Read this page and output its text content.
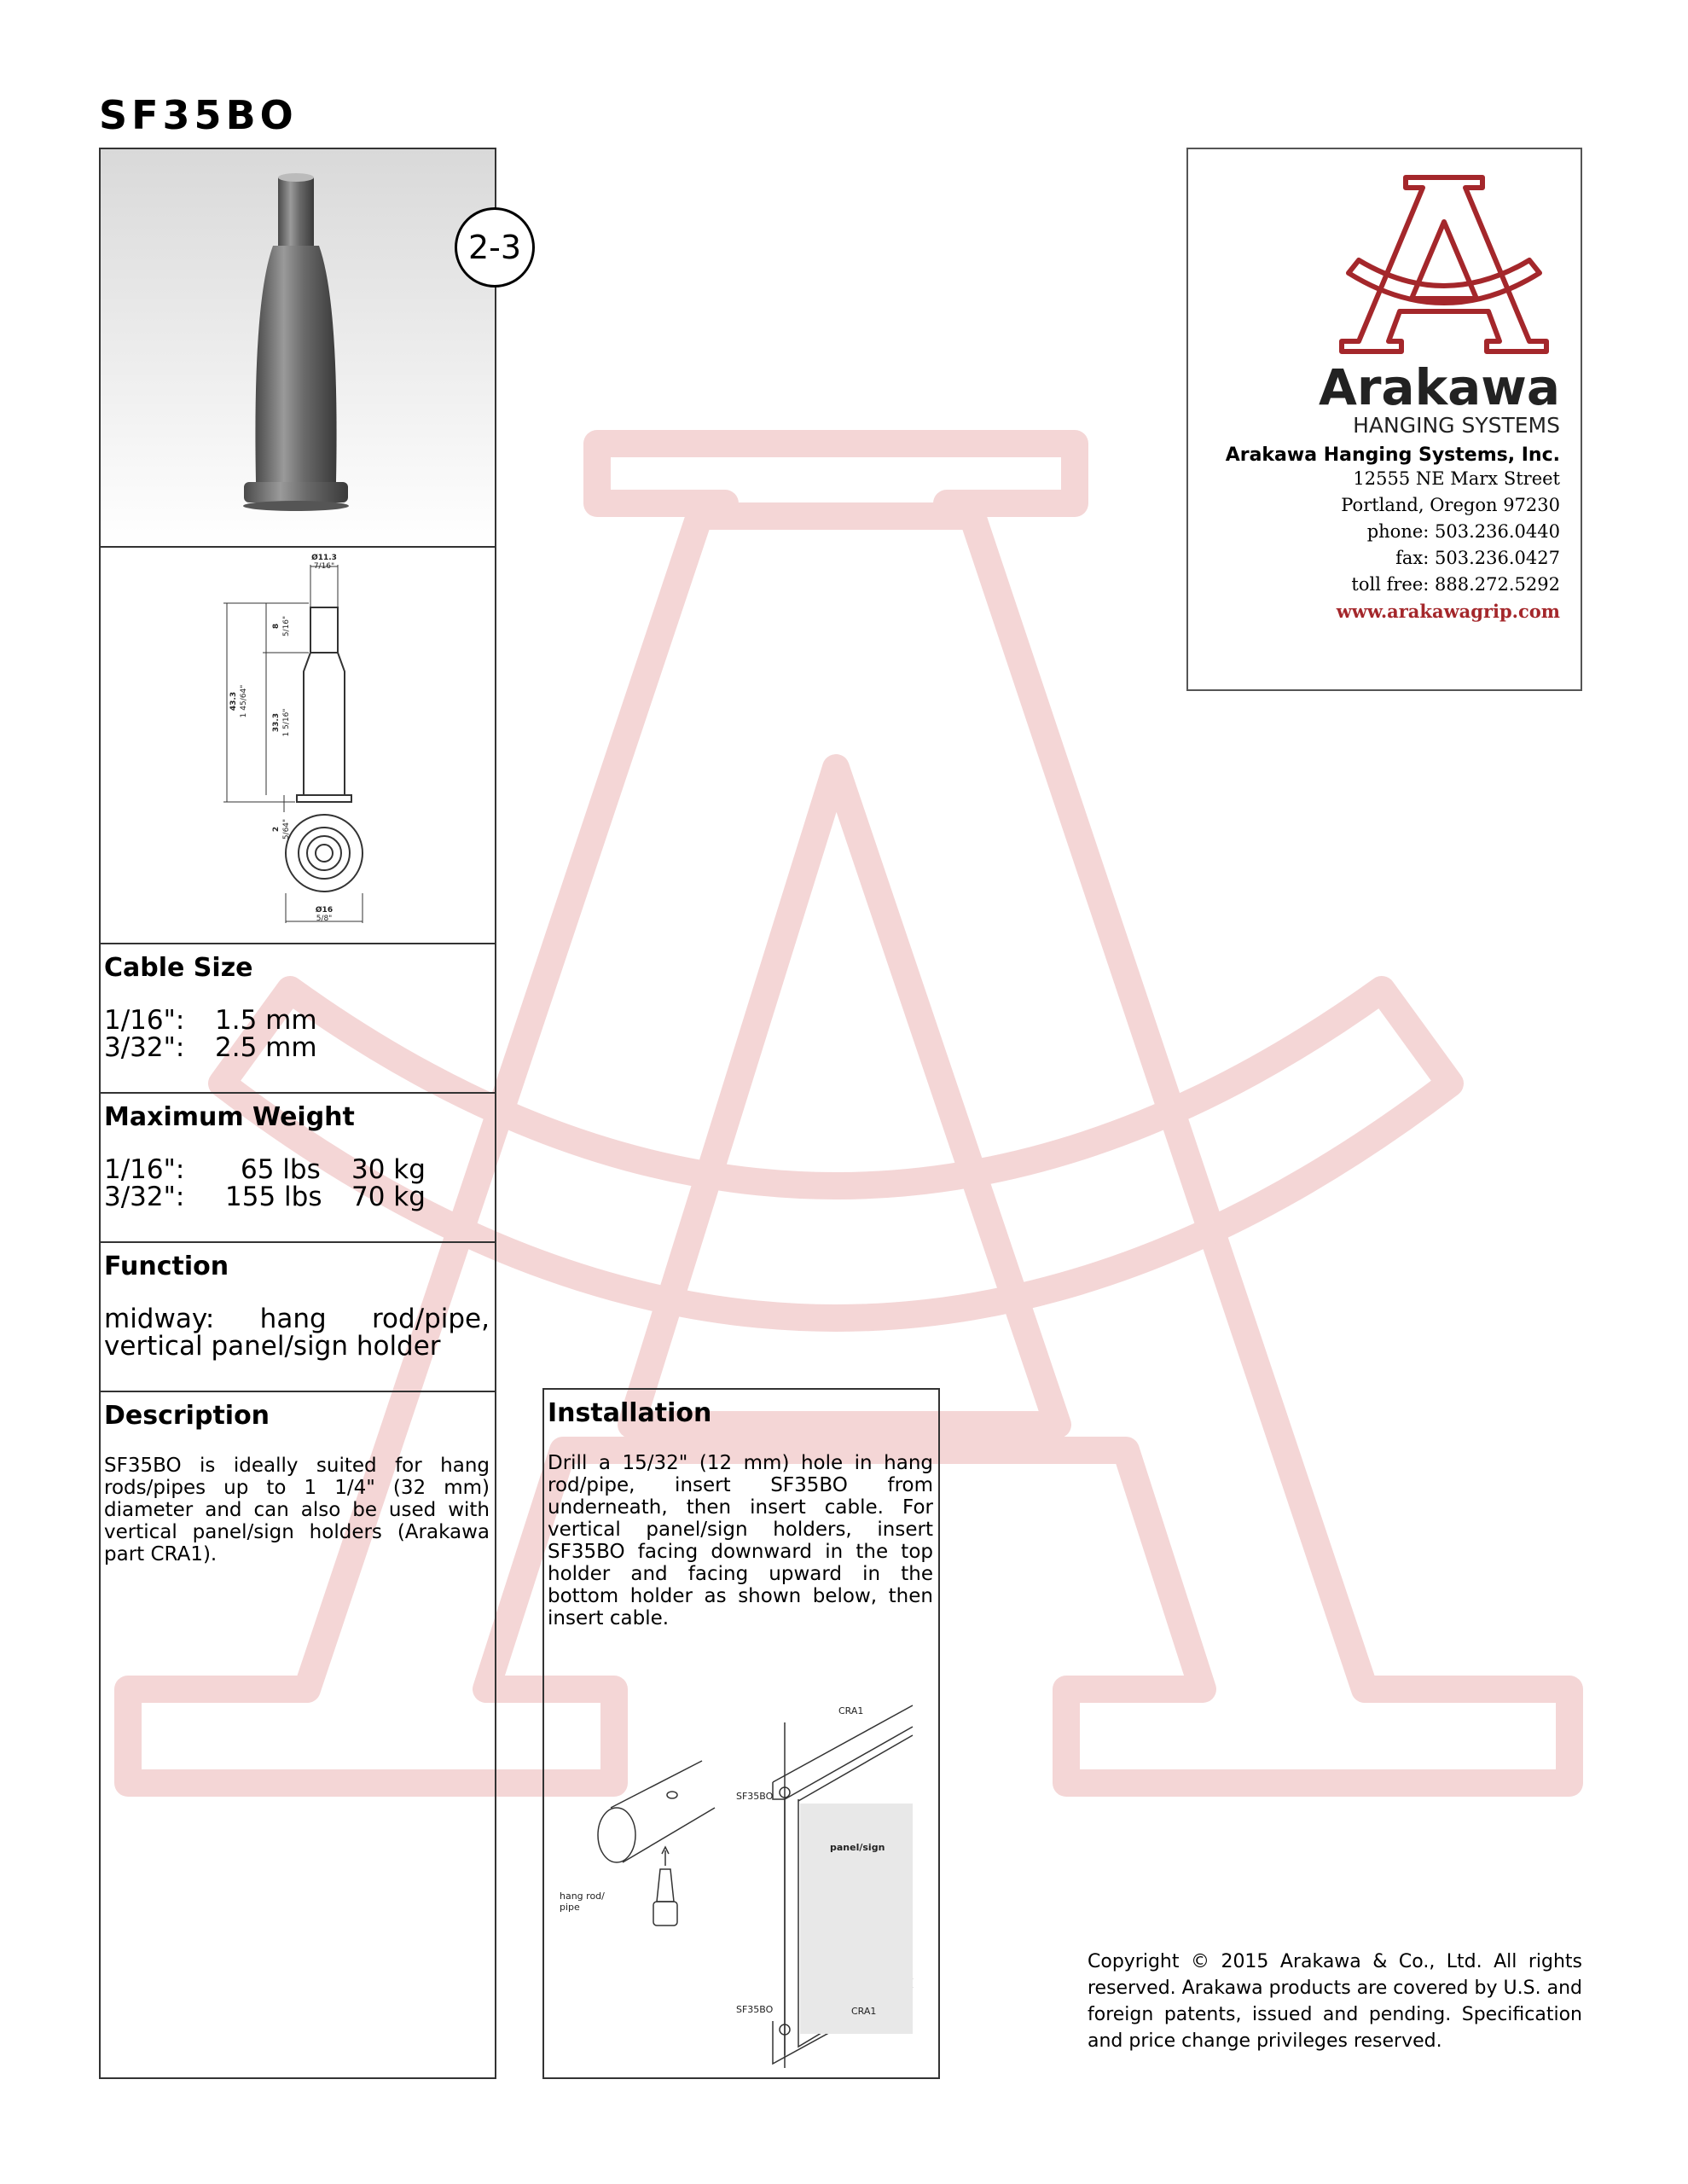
SF35BO
2-3
Ø11.3
7/16"
Ø16
5/8"
8 5/16"
43.3 1 45/64"
33.3 1 5/16"
2 5/64"
Cable Size
1/16": 1.5 mm
3/32": 2.5 mm
Maximum Weight
1/16": 65 lbs 30 kg
3/32": 155 lbs 70 kg
Function
midway: hang rod/pipe, vertical panel/sign holder
Description
SF35BO is ideally suited for hang rods/pipes up to 1 1/4" (32 mm) diameter and can also be used with vertical panel/sign holders (Arakawa part CRA1).
Installation
Drill a 15/32" (12 mm) hole in hang rod/pipe, insert SF35BO from underneath, then insert cable. For vertical panel/sign holders, insert SF35BO facing downward in the top holder and facing upward in the bottom holder as shown below, then insert cable.
hang rod/ pipe
SF35BO
SF35BO
CRA1
CRA1
panel/sign
Arakawa
HANGING SYSTEMS
Arakawa Hanging Systems, Inc.
12555 NE Marx Street
Portland, Oregon 97230
phone: 503.236.0440
fax: 503.236.0427
toll free: 888.272.5292
www.arakawagrip.com
Copyright © 2015 Arakawa & Co., Ltd. All rights reserved. Arakawa products are covered by U.S. and foreign patents, issued and pending. Specification and price change privileges reserved.
